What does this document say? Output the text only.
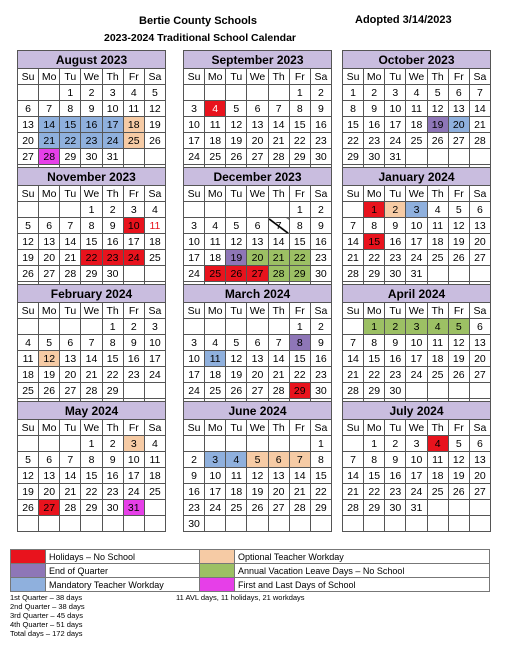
Bertie County Schools
2023-2024 Traditional School Calendar
Adopted 3/14/2023
August 2023						
Su	Mo	Tu	We	Th	Fr	Sa
		1	2	3	4	5
6	7	8	9	10	11	12
13	14	15	16	17	18	19
20	21	22	23	24	25	26
27	28	29	30	31		

September 2023						
Su	Mo	Tu	We	Th	Fr	Sa
					1	2
3	4	5	6	7	8	9
10	11	12	13	14	15	16
17	18	19	20	21	22	23
24	25	26	27	28	29	30

October 2023						
Su	Mo	Tu	We	Th	Fr	Sa
1	2	3	4	5	6	7
8	9	10	11	12	13	14
15	16	17	18	19	20	21
22	23	24	25	26	27	28
29	30	31				

November 2023						
Su	Mo	Tu	We	Th	Fr	Sa
			1	2	3	4
5	6	7	8	9	10	11
12	13	14	15	16	17	18
19	20	21	22	23	24	25
26	27	28	29	30		

December 2023						
Su	Mo	Tu	We	Th	Fr	Sa
					1	2
3	4	5	6	7	8	9
10	11	12	13	14	15	16
17	18	19	20	21	22	23
24	25	26	27	28	29	30

January 2024						
Su	Mo	Tu	We	Th	Fr	Sa
	1	2	3	4	5	6
7	8	9	10	11	12	13
14	15	16	17	18	19	20
21	22	23	24	25	26	27
28	29	30	31			

February 2024						
Su	Mo	Tu	We	Th	Fr	Sa
				1	2	3
4	5	6	7	8	9	10
11	12	13	14	15	16	17
18	19	20	21	22	23	24
25	26	27	28	29		

March 2024						
Su	Mo	Tu	We	Th	Fr	Sa
					1	2
3	4	5	6	7	8	9
10	11	12	13	14	15	16
17	18	19	20	21	22	23
24	25	26	27	28	29	30

April 2024						
Su	Mo	Tu	We	Th	Fr	Sa
	1	2	3	4	5	6
7	8	9	10	11	12	13
14	15	16	17	18	19	20
21	22	23	24	25	26	27
28	29	30				

May 2024						
Su	Mo	Tu	We	Th	Fr	Sa
			1	2	3	4
5	6	7	8	9	10	11
12	13	14	15	16	17	18
19	20	21	22	23	24	25
26	27	28	29	30	31	

June 2024						
Su	Mo	Tu	We	Th	Fr	Sa
						1
2	3	4	5	6	7	8
9	10	11	12	13	14	15
16	17	18	19	20	21	22
23	24	25	26	27	28	29
30						
July 2024						
Su	Mo	Tu	We	Th	Fr	Sa
	1	2	3	4	5	6
7	8	9	10	11	12	13
14	15	16	17	18	19	20
21	22	23	24	25	26	27
28	29	30	31			

	Holidays – No School		Optional Teacher Workday
	End of Quarter		Annual Vacation Leave Days – No School
	Mandatory Teacher Workday		First and Last Days of School
1st Quarter – 38 days
2nd Quarter – 38 days
3rd Quarter – 45 days
4th Quarter – 51 days
Total days – 172 days
11 AVL days, 11 holidays, 21 workdays
